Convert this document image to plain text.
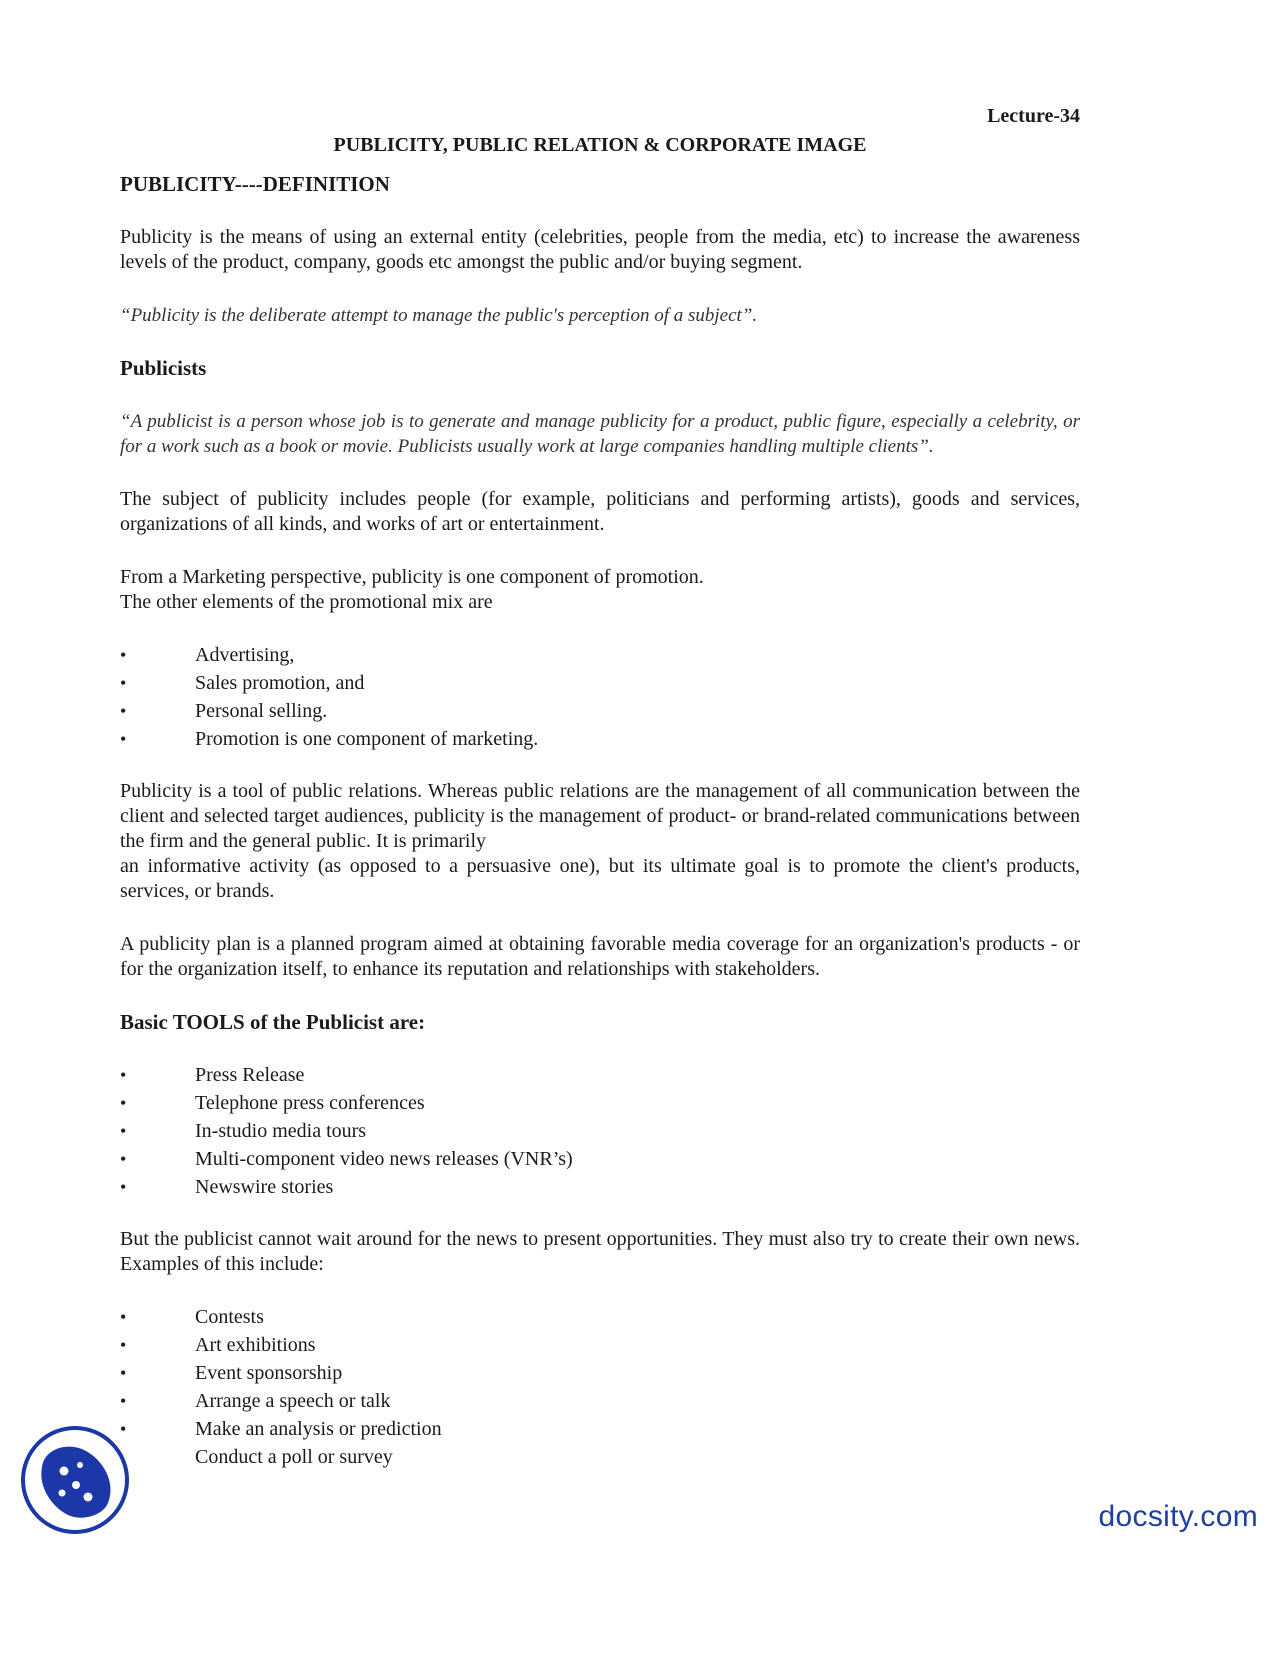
Lecture-34

PUBLICITY, PUBLIC RELATION & CORPORATE IMAGE

PUBLICITY----DEFINITION

Publicity is the means of using an external entity (celebrities, people from the media, etc) to increase the awareness levels of the product, company, goods etc amongst the public and/or buying segment.

“Publicity is the deliberate attempt to manage the public's perception of a subject”.

Publicists

“A publicist is a person whose job is to generate and manage publicity for a product, public figure, especially a celebrity, or for a work such as a book or movie. Publicists usually work at large companies handling multiple clients”.

The subject of publicity includes people (for example, politicians and performing artists), goods and services, organizations of all kinds, and works of art or entertainment.

From a Marketing perspective, publicity is one component of promotion.

The other elements of the promotional mix are

•	Advertising,
•	Sales promotion, and
•	Personal selling.
•	Promotion is one component of marketing.

Publicity is a tool of public relations. Whereas public relations are the management of all communication between the client and selected target audiences, publicity is the management of product- or brand-related communications between the firm and the general public. It is primarily

an informative activity (as opposed to a persuasive one), but its ultimate goal is to promote the client's products, services, or brands.

A publicity plan is a planned program aimed at obtaining favorable media coverage for an organization's products - or for the organization itself, to enhance its reputation and relationships with stakeholders.

Basic TOOLS of the Publicist are:

•	Press Release
•	Telephone press conferences
•	In-studio media tours
•	Multi-component video news releases (VNR’s)
•	Newswire stories

But the publicist cannot wait around for the news to present opportunities. They must also try to create their own news. Examples of this include:

•	Contests
•	Art exhibitions
•	Event sponsorship
•	Arrange a speech or talk
•	Make an analysis or prediction
Conduct a poll or survey
docsity.com
